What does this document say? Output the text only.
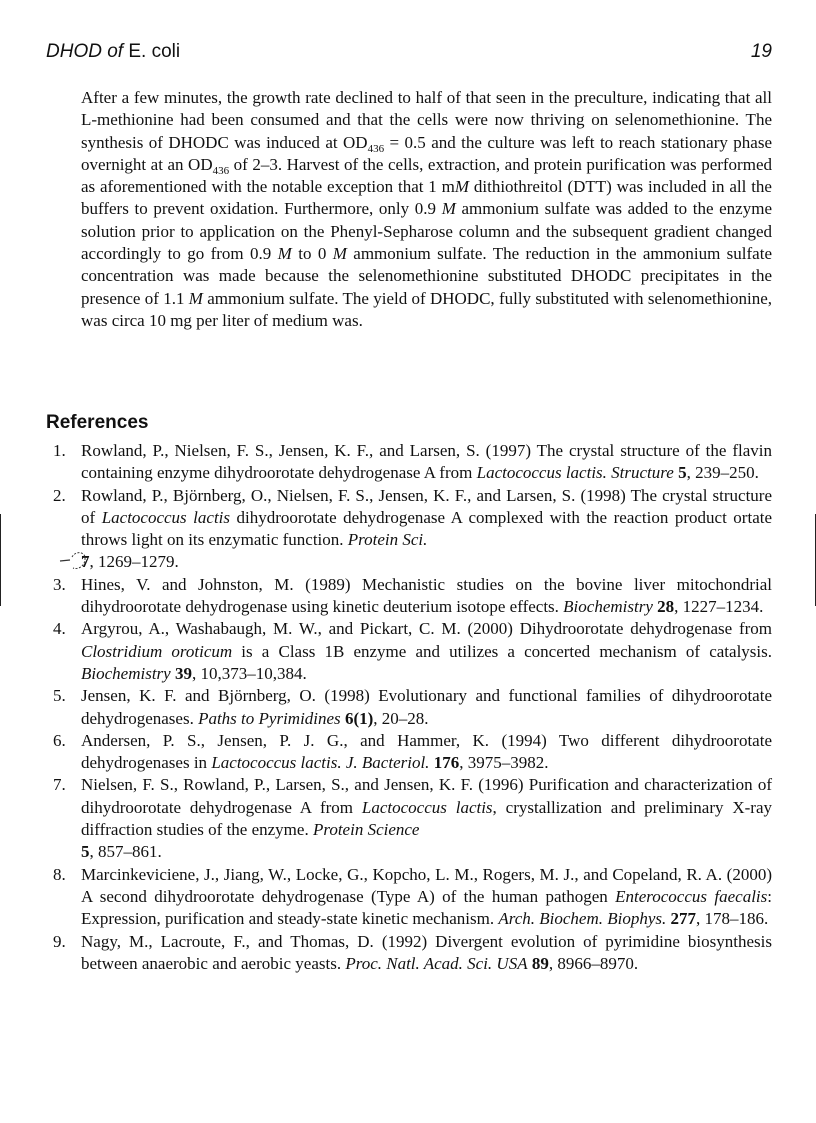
DHOD of E. coli	19

After a few minutes, the growth rate declined to half of that seen in the preculture, indicating that all L-methionine had been consumed and that the cells were now thriving on selenomethionine. The synthesis of DHODC was induced at $OD_{436} = 0.5$ and the culture was left to reach stationary phase overnight at an $OD_{436}$ of 2–3. Harvest of the cells, extraction, and protein purification was performed as aforementioned with the notable exception that 1 mM dithiothreitol (DTT) was included in all the buffers to prevent oxidation. Furthermore, only 0.9 M ammonium sulfate was added to the enzyme solution prior to application on the Phenyl-Sepharose column and the subsequent gradient changed accordingly to go from 0.9 M to 0 M ammonium sulfate. The reduction in the ammonium sulfate concentration was made because the selenomethionine substituted DHODC precipitates in the presence of 1.1 M ammonium sulfate. The yield of DHODC, fully substituted with selenomethionine, was circa 10 mg per liter of medium was.

References
1. Rowland, P., Nielsen, F. S., Jensen, K. F., and Larsen, S. (1997) The crystal structure of the flavin containing enzyme dihydroorotate dehydrogenase A from Lactococcus lactis. Structure 5, 239–250.
2. Rowland, P., Björnberg, O., Nielsen, F. S., Jensen, K. F., and Larsen, S. (1998) The crystal structure of Lactococcus lactis dihydroorotate dehydrogenase A complexed with the reaction product ortate throws light on its enzymatic function. Protein Sci.
7, 1269–1279.
3. Hines, V. and Johnston, M. (1989) Mechanistic studies on the bovine liver mitochondrial dihydroorotate dehydrogenase using kinetic deuterium isotope effects. Biochemistry 28, 1227–1234.
4. Argyrou, A., Washabaugh, M. W., and Pickart, C. M. (2000) Dihydroorotate dehydrogenase from Clostridium oroticum is a Class 1B enzyme and utilizes a concerted mechanism of catalysis. Biochemistry 39, 10,373–10,384.
5. Jensen, K. F. and Björnberg, O. (1998) Evolutionary and functional families of dihydroorotate dehydrogenases. Paths to Pyrimidines 6(1), 20–28.
6. Andersen, P. S., Jensen, P. J. G., and Hammer, K. (1994) Two different dihydroorotate dehydrogenases in Lactococcus lactis. J. Bacteriol. 176, 3975–3982.
7. Nielsen, F. S., Rowland, P., Larsen, S., and Jensen, K. F. (1996) Purification and characterization of dihydroorotate dehydrogenase A from Lactococcus lactis, crystallization and preliminary X-ray diffraction studies of the enzyme. Protein Science
5, 857–861.
8. Marcinkeviciene, J., Jiang, W., Locke, G., Kopcho, L. M., Rogers, M. J., and Copeland, R. A. (2000) A second dihydroorotate dehydrogenase (Type A) of the human pathogen Enterococcus faecalis: Expression, purification and steady-state kinetic mechanism. Arch. Biochem. Biophys. 277, 178–186.
9. Nagy, M., Lacroute, F., and Thomas, D. (1992) Divergent evolution of pyrimidine biosynthesis between anaerobic and aerobic yeasts. Proc. Natl. Acad. Sci. USA 89, 8966–8970.
